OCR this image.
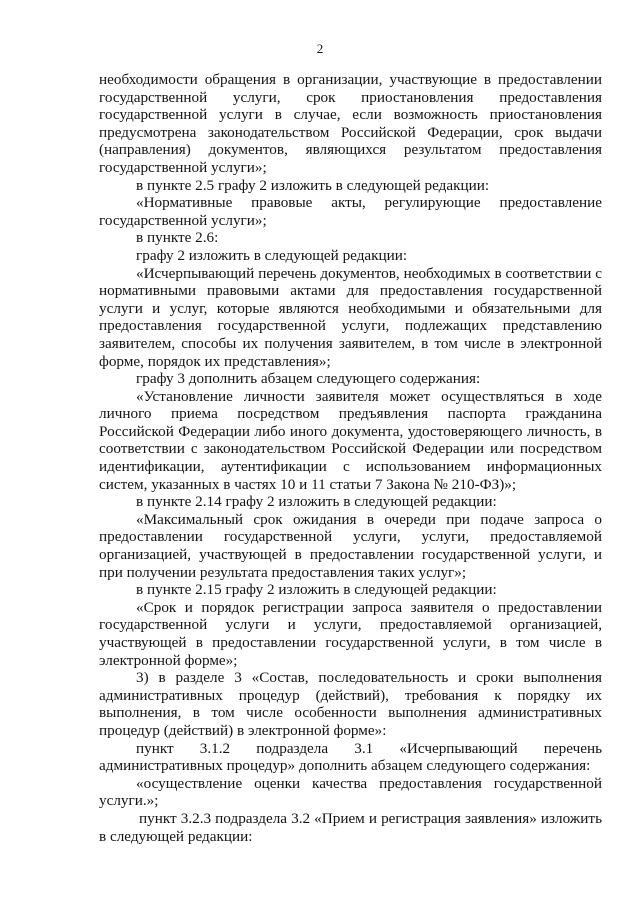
2

необходимости обращения в организации, участвующие в предоставлении государственной услуги, срок приостановления предоставления государственной услуги в случае, если возможность приостановления предусмотрена законодательством Российской Федерации, срок выдачи (направления) документов, являющихся результатом предоставления государственной услуги»;

в пункте 2.5 графу 2 изложить в следующей редакции:

«Нормативные правовые акты, регулирующие предоставление государственной услуги»;

в пункте 2.6:

графу 2 изложить в следующей редакции:

«Исчерпывающий перечень документов, необходимых в соответствии с нормативными правовыми актами для предоставления государственной услуги и услуг, которые являются необходимыми и обязательными для предоставления государственной услуги, подлежащих представлению заявителем, способы их получения заявителем, в том числе в электронной форме, порядок их представления»;

графу 3 дополнить абзацем следующего содержания:

«Установление личности заявителя может осуществляться в ходе личного приема посредством предъявления паспорта гражданина Российской Федерации либо иного документа, удостоверяющего личность, в соответствии с законодательством Российской Федерации или посредством идентификации, аутентификации с использованием информационных систем, указанных в частях 10 и 11 статьи 7 Закона № 210-ФЗ)»;

в пункте 2.14 графу 2 изложить в следующей редакции:

«Максимальный срок ожидания в очереди при подаче запроса о предоставлении государственной услуги, услуги, предоставляемой организацией, участвующей в предоставлении государственной услуги, и при получении результата предоставления таких услуг»;

в пункте 2.15 графу 2 изложить в следующей редакции:

«Срок и порядок регистрации запроса заявителя о предоставлении государственной услуги и услуги, предоставляемой организацией, участвующей в предоставлении государственной услуги, в том числе в электронной форме»;

3) в разделе 3 «Состав, последовательность и сроки выполнения административных процедур (действий), требования к порядку их выполнения, в том числе особенности выполнения административных процедур (действий) в электронной форме»:

пункт 3.1.2 подраздела 3.1 «Исчерпывающий перечень административных процедур» дополнить абзацем следующего содержания:

«осуществление оценки качества предоставления государственной услуги.»;

пункт 3.2.3 подраздела 3.2 «Прием и регистрация заявления» изложить в следующей редакции:
